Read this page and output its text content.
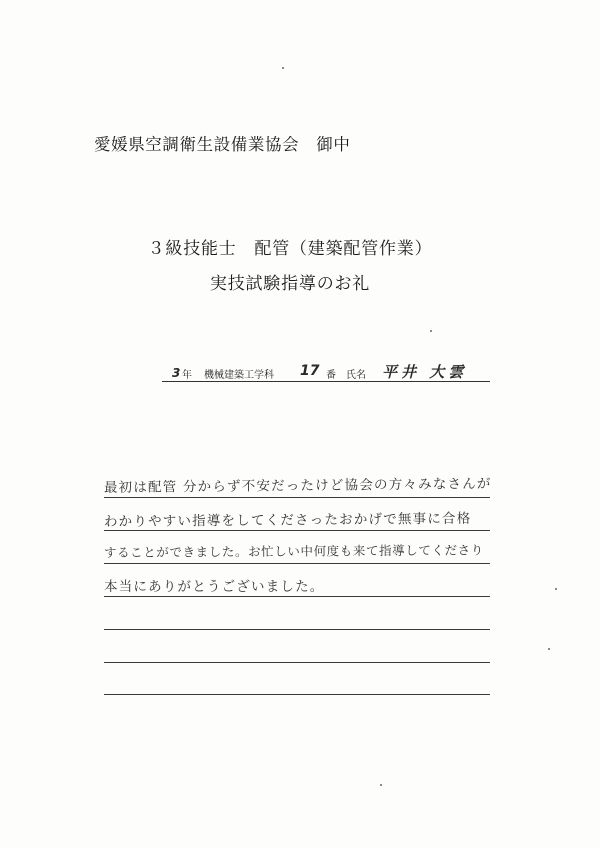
愛媛県空調衛生設備業協会　御中
３級技能士　配管（建築配管作業）
実技試験指導のお礼
3 年 機械建築工学科 17 番 氏名 平井 大雲
最初は配管 分からず不安だったけど協会の方々みなさんが
わかりやすい指導をしてくださったおかげで無事に合格
することができました。お忙しい中何度も来て指導してくださり
本当にありがとうございました。
